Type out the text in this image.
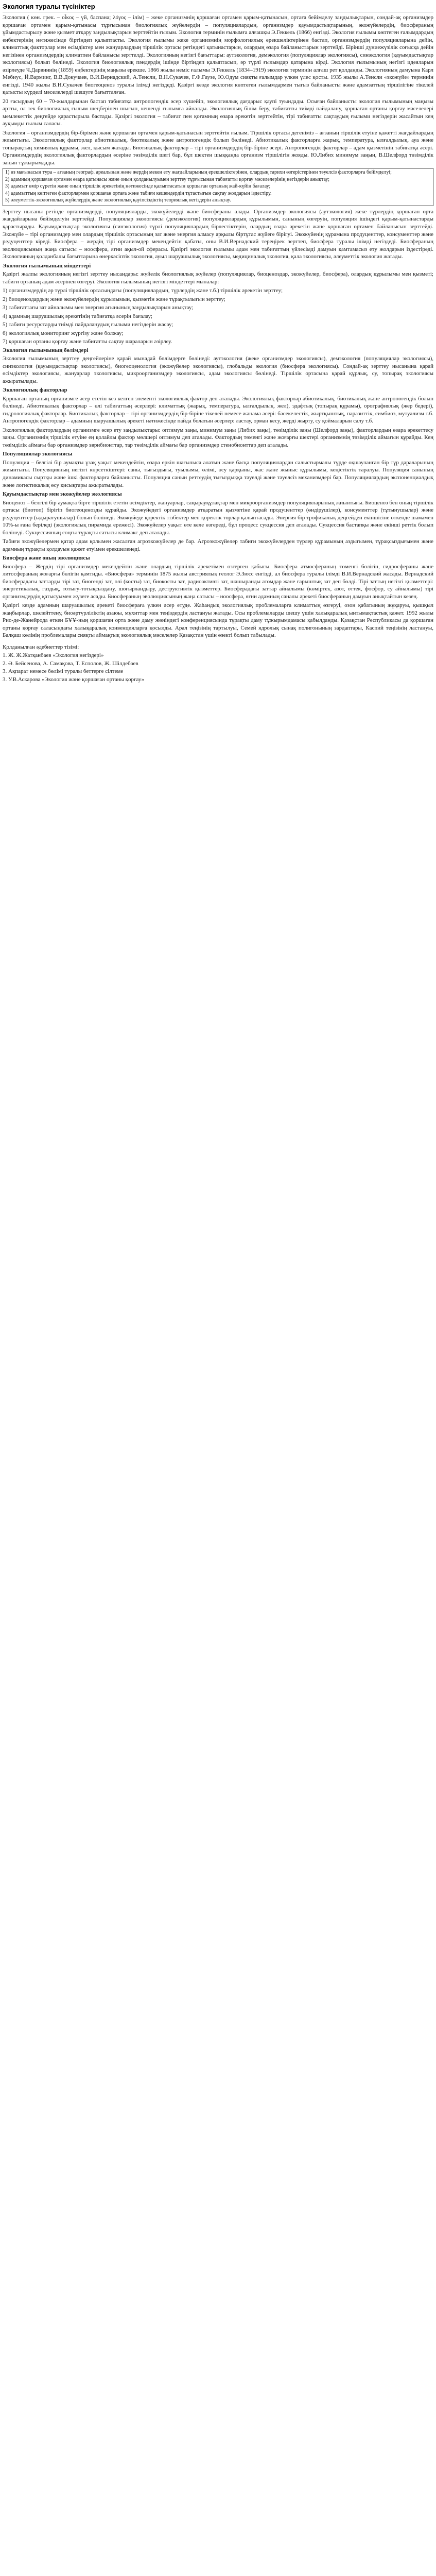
Экология туралы түсініктер

Экология ( көн. грек. – οἶκος – үй, баспана; λόγος – ілім) – жеке организмнің қоршаған ортамен қарым-қатынасын, ортаға бейімделу заңдылықтарын, сондай-ақ организмдер қоршаған ортамен қарым-қатынасы тұрғысынан биологиялық жүйелердің – популяциялардың, организмдер қауымдастықтарының, экожүйелердің, биосфераның ұйымдастырылу және қызмет атқару заңдылықтарын зерттейтін ғылым. Экология терминін ғылымға алғашқы Э.Геккель (1866) енгізді. Экология ғылымы көптеген ғалымдардың еңбектерінің нәтижесінде біртіндеп қалыптасты. Экология ғылымы жеке организмнің морфологиялық ерекшеліктерінен бастап, организмдердің популяцияларына дейін, климаттық факторлар мен өсімдіктер мен жануарлардың тіршілік ортасы ретіндегі қатынастарын, олардың өзара байланыстарын зерттейді. Бірінші дүниежүзілік соғысқа дейін негізінен организмдердің климатпен байланысы зерттелді. Экологияның негізгі бағыттары: аутэкология, демэкология (популяциялар экологиясы), синэкология (қауымдастықтар экологиясы) болып бөлінеді. Экология биологиялық пәндердің ішінде біртіндеп қалыптасып, әр түрлі ғылымдар қатарына кірді. Экология ғылымының негізгі идеяларын әзірлеуде Ч.Дарвиннің (1859) еңбектерінің маңызы ерекше. 1866 жылы неміс ғалымы Э.Геккель (1834–1919) экология терминін алғаш рет қолданды. Экологияның дамуына Карл Мебиус, Й.Варминг, В.В.Докучаев, В.И.Вернадский, А.Тенсли, В.Н.Сукачев, Г.Ф.Гаузе, Ю.Одум сияқты ғалымдар үлкен үлес қосты. 1935 жылы А.Тенсли «экожүйе» терминін енгізді. 1940 жылы В.Н.Сукачев биогеоценоз туралы ілімді негіздеді. Қазіргі кезде экология көптеген ғылымдармен тығыз байланысты және адамзаттың тіршілігіне тікелей қатысты күрделі мәселелерді шешуге бағытталған.

20 ғасырдың 60 – 70-жылдарынан бастап табиғатқа антропогендік әсер күшейіп, экологиялық дағдарыс қаупі туындады. Осыған байланысты экология ғылымының маңызы артты, ол тек биологиялық ғылым шеңберінен шығып, кешенді ғылымға айналды. Экологиялық білім беру, табиғатты тиімді пайдалану, қоршаған ортаны қорғау мәселелері мемлекеттік деңгейде қарастырыла бастады. Қазіргі экология – табиғат пен қоғамның өзара әрекетін зерттейтін, тірі табиғатты сақтаудың ғылыми негіздерін жасайтын кең ауқымды ғылым саласы.

Экология – организмдердің бір-бірімен және қоршаған ортамен қарым-қатынасын зерттейтін ғылым. Тіршілік ортасы дегеніміз – ағзаның тіршілік етуіне қажетті жағдайлардың жиынтығы. Экологиялық факторлар абиотикалық, биотикалық және антропогендік болып бөлінеді. Абиотикалық факторларға жарық, температура, ылғалдылық, ауа және топырақтың химиялық құрамы, жел, қысым жатады. Биотикалық факторлар – тірі организмдердің бір-біріне әсері. Антропогендік факторлар – адам қызметінің табиғатқа әсері. Организмдердің экологиялық факторлардың әсеріне төзімділік шегі бар, бұл шектен шыққанда организм тіршілігін жояды. Ю.Либих минимум заңын, В.Шелфорд төзімділік заңын тұжырымдады.

1) өз мағынасын тура – ағзаның географ. ареалынан және жердің мекен ету жағдайларының ерекшеліктерінен, олардың тарихи өзгерістерінен тәуелсіз факторларға бейімделуі;
2) адамның қоршаған ортамен өзара қатынасы және оның қолданылуымен зерттеу тұрғысынан табиғатты қорғау мәселелерінің негіздерін анықтау;
3) адамзат өмір сүретін және оның тіршілік әрекетінің нәтижесінде қалыптасатын қоршаған ортаның жай-күйін бағалау;
4) адамзаттың көптеген факторлармен қоршаған ортаға және табиғи кешендердің тұтастығын сақтау жолдарын іздестіру.
5) әлеуметтік-экологиялық жүйелердің және экологиялық қауіпсіздіктің теориялық негіздерін анықтау.

Зерттеу нысаны ретінде организмдерді, популяцияларды, экожүйелерді және биосфераны алады. Организмдер экологиясы (аутэкология) жеке түрлердің қоршаған орта жағдайларына бейімделуін зерттейді. Популяциялар экологиясы (демэкология) популяциялардың құрылымын, санының өзгеруін, популяция ішіндегі қарым-қатынастарды қарастырады. Қауымдастықтар экологиясы (синэкология) түрлі популяциялардың бірлестіктерін, олардың өзара әрекетін және қоршаған ортамен байланысын зерттейді. Экожүйе – тірі организмдер мен олардың тіршілік ортасының зат және энергия алмасу арқылы біртұтас жүйеге бірігуі. Экожүйенің құрамына продуценттер, консументтер және редуценттер кіреді. Биосфера – жердің тірі организмдер мекендейтін қабаты, оны В.И.Вернадский тереңірек зерттеп, биосфера туралы ілімді негіздеді. Биосфераның эволюциясының жаңа сатысы – ноосфера, яғни ақыл-ой сферасы. Қазіргі экология ғылымы адам мен табиғаттың үйлесімді дамуын қамтамасыз ету жолдарын іздестіреді. Экологияның қолданбалы бағыттарына өнеркәсіптік экология, ауыл шаруашылық экологиясы, медициналық экология, қала экологиясы, әлеуметтік экология жатады.

Экология ғылымының міндеттері

Қазіргі жалпы экологияның негізгі зерттеу нысандары: жүйелік биологиялық жүйелер (популяциялар, биоценоздар, экожүйелер, биосфера), олардың құрылымы мен қызметі; табиғи ортаның адам әсерінен өзгеруі. Экология ғылымының негізгі міндеттері мыналар:

1) организмдердің әр түрлі тіршілік ортасындағы (популяциялардың, түрлердің және т.б.) тіршілік әрекетін зерттеу;
2) биоценоздардың және экожүйелердің құрылымын, қызметін және тұрақтылығын зерттеу;
3) табиғаттағы зат айналымы мен энергия ағынының заңдылықтарын анықтау;
4) адамның шаруашылық әрекетінің табиғатқа әсерін бағалау;
5) табиғи ресурстарды тиімді пайдаланудың ғылыми негіздерін жасау;
6) экологиялық мониторинг жүргізу және болжау;
7) қоршаған ортаны қорғау және табиғатты сақтау шараларын әзірлеу.
Экология ғылымының бөлімдері

Экология ғылымының зерттеу деңгейлеріне қарай мынадай бөлімдерге бөлінеді: аутэкология (жеке организмдер экологиясы), демэкология (популяциялар экологиясы), синэкология (қауымдастықтар экологиясы), биогеоценология (экожүйелер экологиясы), глобальды экология (биосфера экологиясы). Сондай-ақ зерттеу нысанына қарай өсімдіктер экологиясы, жануарлар экологиясы, микроорганизмдер экологиясы, адам экологиясы бөлінеді. Тіршілік ортасына қарай құрлық, су, топырақ экологиясы ажыратылады.

Экологиялық факторлар

Қоршаған ортаның организмге әсер ететін кез келген элементі экологиялық фактор деп аталады. Экологиялық факторлар абиотикалық, биотикалық және антропогендік болып бөлінеді. Абиотикалық факторлар – өлі табиғаттың әсерлері: климаттық (жарық, температура, ылғалдылық, жел), эдафтық (топырақ құрамы), орографиялық (жер бедері), гидрологиялық факторлар. Биотикалық факторлар – тірі организмдердің бір-біріне тікелей немесе жанама әсері: бәсекелестік, жыртқыштық, паразиттік, симбиоз, мутуализм т.б. Антропогендік факторлар – адамның шаруашылық әрекеті нәтижесінде пайда болатын әсерлер: ластау, орман кесу, жерді жырту, су қоймаларын салу т.б.

Экологиялық факторлардың организмге әсер ету заңдылықтары: оптимум заңы, минимум заңы (Либих заңы), төзімділік заңы (Шелфорд заңы), факторлардың өзара әрекеттесу заңы. Организмнің тіршілік етуіне ең қолайлы фактор мөлшері оптимум деп аталады. Фактордың төменгі және жоғарғы шектері организмнің төзімділік аймағын құрайды. Кең төзімділік аймағы бар организмдер эврибионттар, тар төзімділік аймағы бар организмдер стенобионттар деп аталады.

Популяциялар экологиясы

Популяция – белгілі бір аумақты ұзақ уақыт мекендейтін, өзара еркін шағылыса алатын және басқа популяциялардан салыстырмалы түрде оқшауланған бір түр дараларының жиынтығы. Популяцияның негізгі көрсеткіштері: саны, тығыздығы, туылымы, өлімі, өсу қарқыны, жас және жыныс құрылымы, кеңістіктік таралуы. Популяция санының динамикасы сыртқы және ішкі факторларға байланысты. Популяция санын реттеудің тығыздыққа тәуелді және тәуелсіз механизмдері бар. Популяциялардың экспоненциалдық және логистикалық өсу қисықтары ажыратылады.

Қауымдастықтар мен экожүйелер экологиясы

Биоценоз – белгілі бір аумақта бірге тіршілік ететін өсімдіктер, жануарлар, саңырауқұлақтар мен микроорганизмдер популяцияларының жиынтығы. Биоценоз бен оның тіршілік ортасы (биотоп) бірігіп биогеоценозды құрайды. Экожүйедегі организмдер атқаратын қызметіне қарай продуценттер (өндірушілер), консументтер (тұтынушылар) және редуценттер (ыдыратушылар) болып бөлінеді. Экожүйеде қоректік тізбектер мен қоректік торлар қалыптасады. Энергия бір трофикалық деңгейден екіншісіне өткенде шамамен 10%-ы ғана беріледі (экологиялық пирамида ережесі). Экожүйелер уақыт өте келе өзгереді, бұл процесс сукцессия деп аталады. Сукцессия бастапқы және екінші реттік болып бөлінеді. Сукцессияның соңғы тұрақты сатысы климакс деп аталады.

Табиғи экожүйелермен қатар адам қолымен жасалған агроэкожүйелер де бар. Агроэкожүйелер табиғи экожүйелерден түрлер құрамының аздығымен, тұрақсыздығымен және адамның тұрақты қолдауын қажет етуімен ерекшеленеді.

Биосфера және оның эволюциясы

Биосфера – Жердің тірі организмдер мекендейтін және олардың тіршілік әрекетімен өзгерген қабығы. Биосфера атмосфераның төменгі бөлігін, гидросфераны және литосфераның жоғарғы бөлігін қамтиды. «Биосфера» терминін 1875 жылы австриялық геолог Э.Зюсс енгізді, ал биосфера туралы ілімді В.И.Вернадский жасады. Вернадский биосферадағы заттарды тірі зат, биогенді зат, өлі (косты) зат, биокосты зат, радиоактивті зат, шашыранды атомдар және ғарыштық зат деп бөлді. Тірі заттың негізгі қызметтері: энергетикалық, газдық, тотығу-тотықсыздану, шоғырландыру, деструктивтік қызметтер. Биосферадағы заттар айналымы (көміртек, азот, оттек, фосфор, су айналымы) тірі организмдердің қатысуымен жүзеге асады. Биосфераның эволюциясының жаңа сатысы – ноосфера, яғни адамның саналы әрекеті биосфераның дамуын анықтайтын кезең.

Қазіргі кезде адамның шаруашылық әрекеті биосфераға үлкен әсер етуде. Жаһандық экологиялық проблемаларға климаттың өзгеруі, озон қабатының жұқаруы, қышқыл жаңбырлар, шөлейттену, биоәртүрліліктің азаюы, мұхиттар мен теңіздердің ластануы жатады. Осы проблемаларды шешу үшін халықаралық ынтымақтастық қажет. 1992 жылы Рио-де-Жанейрода өткен БҰҰ-ның қоршаған орта және даму жөніндегі конференциясында тұрақты даму тұжырымдамасы қабылданды. Қазақстан Республикасы да қоршаған ортаны қорғау саласындағы халықаралық конвенцияларға қосылды. Арал теңізінің тартылуы, Семей ядролық сынақ полигонының зардаптары, Каспий теңізінің ластануы, Балқаш көлінің проблемалары сияқты аймақтық экологиялық мәселелер Қазақстан үшін өзекті болып табылады.

Қолданылған әдебиеттер тізімі:
1. Ж. Ж.Жатқанбаев «Экология негіздері»
2. Ә. Бейсенова, А. Самақова, Т. Есполов, Ж. Шілдебаев
3. Ақпарат немесе бөлімі туралы беттерге сілтеме
3. У.В.Аскарова «Экология және қоршаған ортаны қорғау»
